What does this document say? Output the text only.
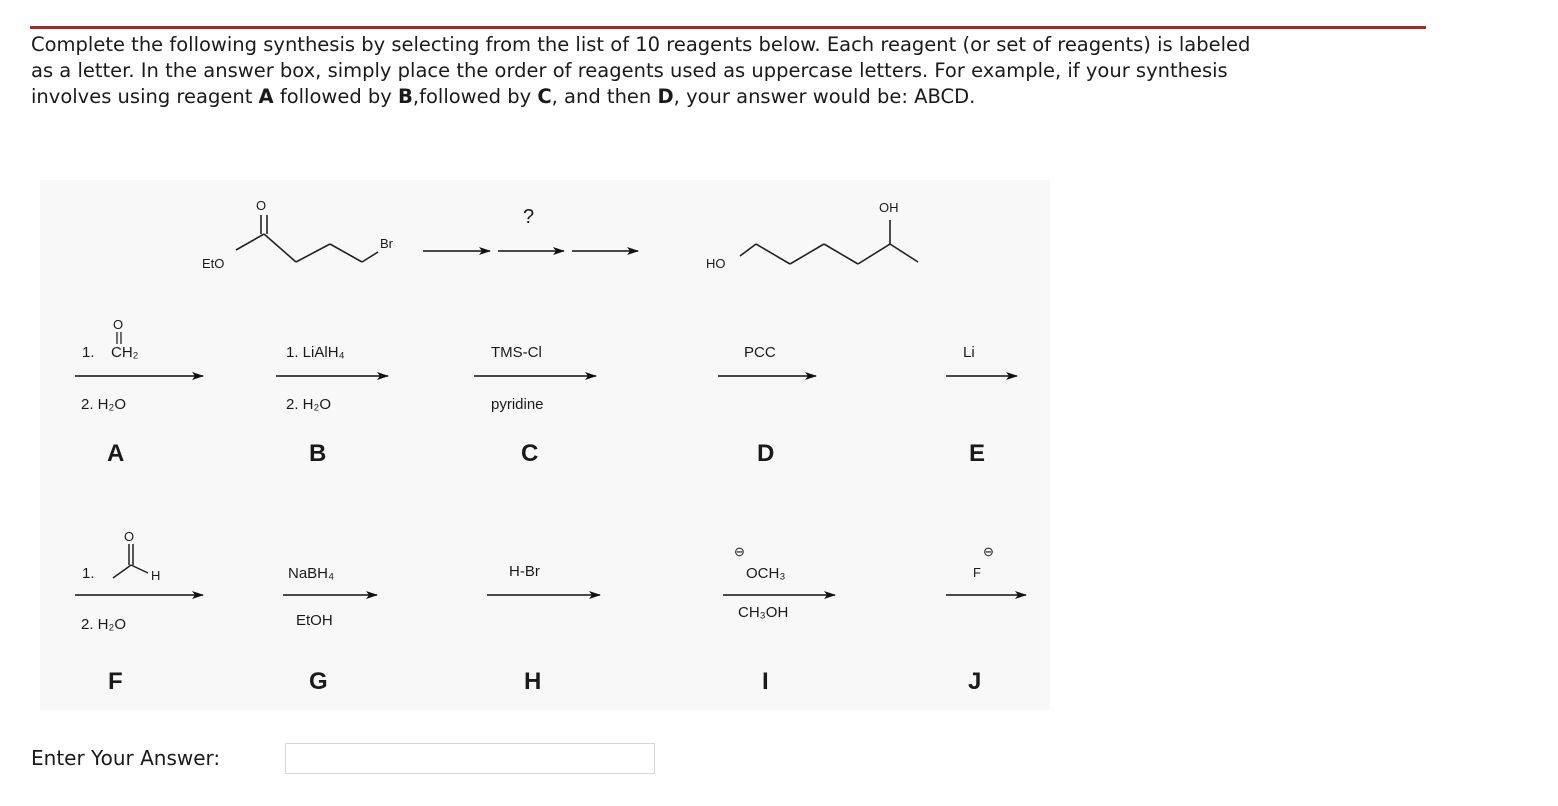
Complete the following synthesis by selecting from the list of 10 reagents below. Each reagent (or set of reagents) is labeled
as a letter. In the answer box, simply place the order of reagents used as uppercase letters. For example, if your synthesis
involves using reagent A followed by B,followed by C, and then D, your answer would be: ABCD.
EtO
O
Br
?
HO
OH
1.
O
CH₂
2. H₂O
A
1. LiAlH₄
2. H₂O
B
TMS-Cl
pyridine
C
PCC
D
Li
E
1.
O
H
2. H₂O
F
NaBH₄
EtOH
G
H-Br
H
⊖
OCH₃
CH₃OH
I
⊖
F
J
Enter Your Answer:
